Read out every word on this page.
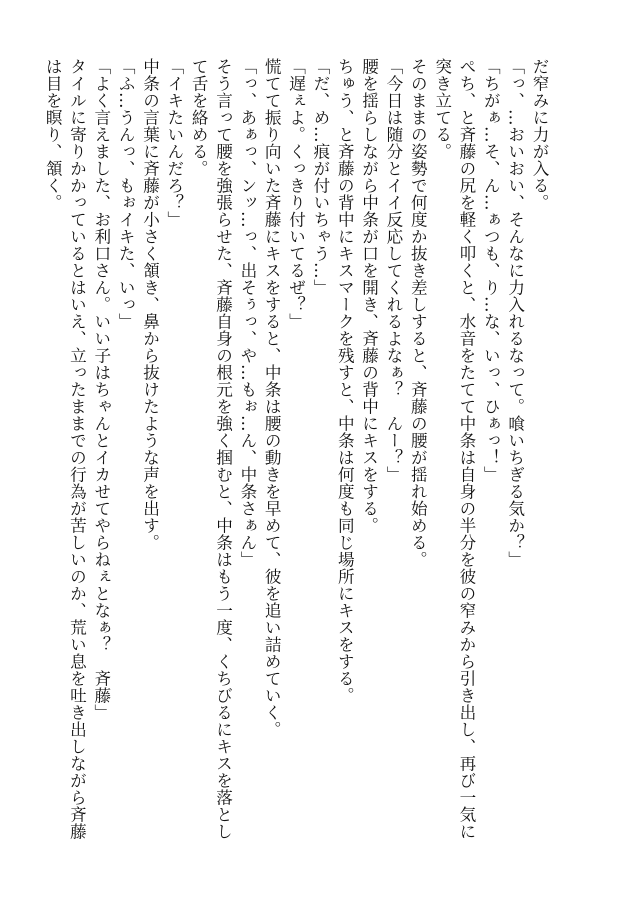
だ窄みに力が入る。
「っ、…おいおい、そんなに力入れるなって。喰いちぎる気か？」
「ちがぁ…そ、ん…ぁつも、り…な、いっ、ひぁっ！」
ぺち、と斉藤の尻を軽く叩くと、水音をたてて中条は自身の半分を彼の窄みから引き出し、再び一気に
突き立てる。
そのままの姿勢で何度か抜き差しすると、斉藤の腰が揺れ始める。
「今日は随分とイイ反応してくれるよなぁ？　んー？」
腰を揺らしながら中条が口を開き、斉藤の背中にキスをする。
ちゅう、と斉藤の背中にキスマークを残すと、中条は何度も同じ場所にキスをする。
「だ、め…痕が付いちゃう…」
「遅ぇよ。くっきり付いてるぜ？」
慌てて振り向いた斉藤にキスをすると、中条は腰の動きを早めて、彼を追い詰めていく。
「っ、あぁっ、ンッ…っ、出そぅっ、や…もぉ…ん、中条さぁん」
そう言って腰を強張らせた、斉藤自身の根元を強く掴むと、中条はもう一度、くちびるにキスを落とし
て舌を絡める。
「イキたいんだろ？」
中条の言葉に斉藤が小さく頷き、鼻から抜けたような声を出す。
「ふ…うんっ、もぉイキた、いっ」
「よく言えました、お利口さん。いい子はちゃんとイカせてやらねぇとなぁ？　斉藤」
タイルに寄りかかっているとはいえ、立ったままでの行為が苦しいのか、荒い息を吐き出しながら斉藤
は目を瞑り、頷く。
